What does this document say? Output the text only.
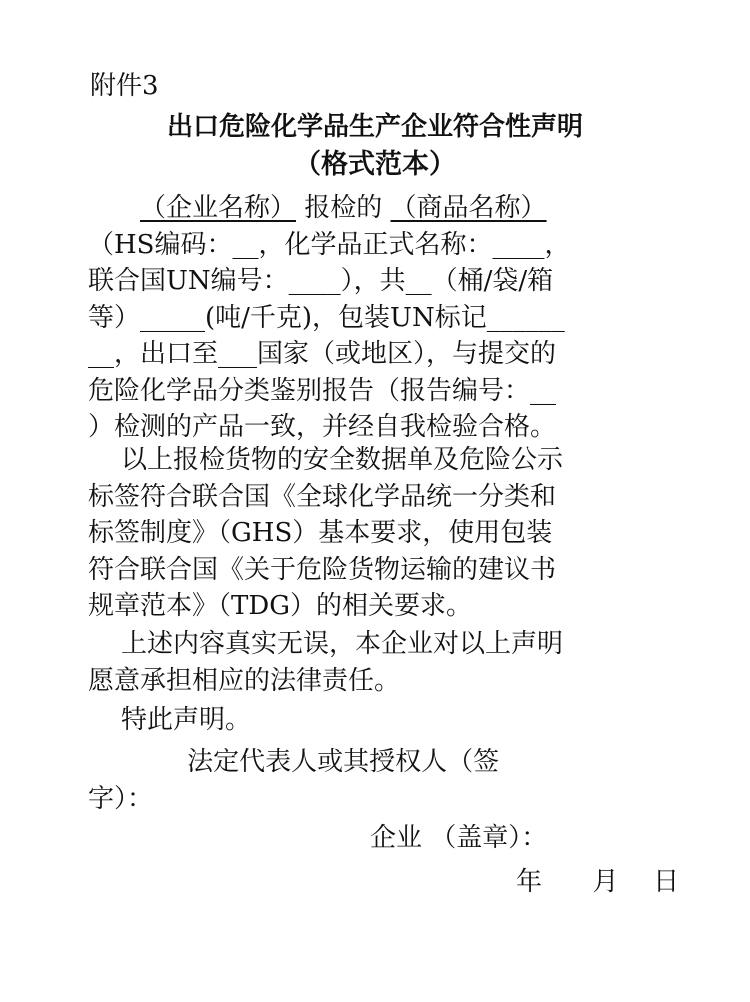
附件3
出口危险化学品生产企业符合性声明
（格式范本）
（企业名称） 报检的 （商品名称）
（HS编码：__，化学品正式名称：____，
联合国UN编号：____），共__（桶/袋/箱
等）_____(吨/千克)，包装UN标记______
__，出口至___国家（或地区），与提交的
危险化学品分类鉴别报告（报告编号：__
）检测的产品一致，并经自我检验合格。
以上报检货物的安全数据单及危险公示
标签符合联合国《全球化学品统一分类和
标签制度》（GHS）基本要求，使用包装
符合联合国《关于危险货物运输的建议书
规章范本》（TDG）的相关要求。
上述内容真实无误，本企业对以上声明
愿意承担相应的法律责任。
特此声明。
法定代表人或其授权人（签
字）：
企业 （盖章）：
年 月 日
